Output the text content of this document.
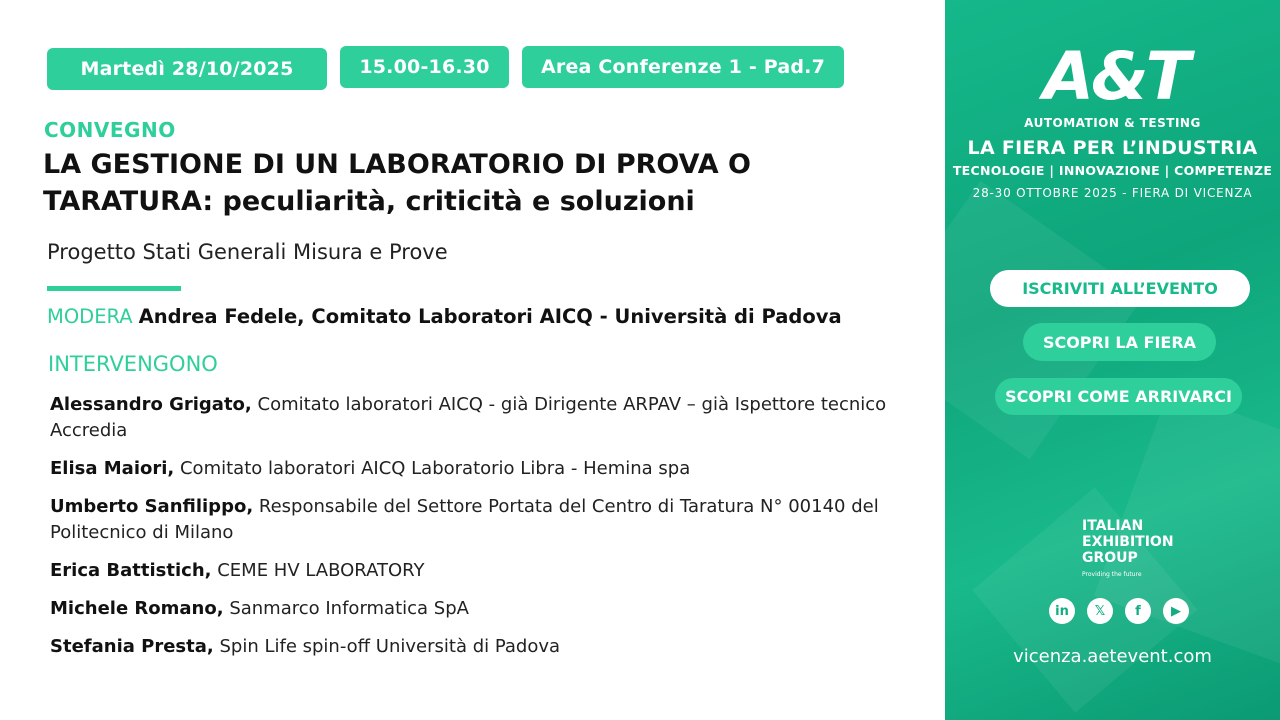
Martedì 28/10/2025	15.00-16.30	Area Conferenze 1 - Pad.7
CONVEGNO
LA GESTIONE DI UN LABORATORIO DI PROVA O TARATURA: peculiarità, criticità e soluzioni
Progetto Stati Generali Misura e Prove
MODERA Andrea Fedele, Comitato Laboratori AICQ - Università di Padova
INTERVENGONO
Alessandro Grigato, Comitato laboratori AICQ - già Dirigente ARPAV – già Ispettore tecnico Accredia
Elisa Maiori, Comitato laboratori AICQ Laboratorio Libra - Hemina spa
Umberto Sanfilippo, Responsabile del Settore Portata del Centro di Taratura N° 00140 del Politecnico di Milano
Erica Battistich, CEME HV LABORATORY
Michele Romano, Sanmarco Informatica SpA
Stefania Presta, Spin Life spin-off Università di Padova
A&T
AUTOMATION & TESTING
LA FIERA PER L’INDUSTRIA
TECNOLOGIE | INNOVAZIONE | COMPETENZE
28-30 OTTOBRE 2025 - FIERA DI VICENZA
ISCRIVITI ALL’EVENTO
SCOPRI LA FIERA
SCOPRI COME ARRIVARCI
ITALIAN
EXHIBITION
GROUP
Providing the future
in	𝕏	f	▶
vicenza.aetevent.com
